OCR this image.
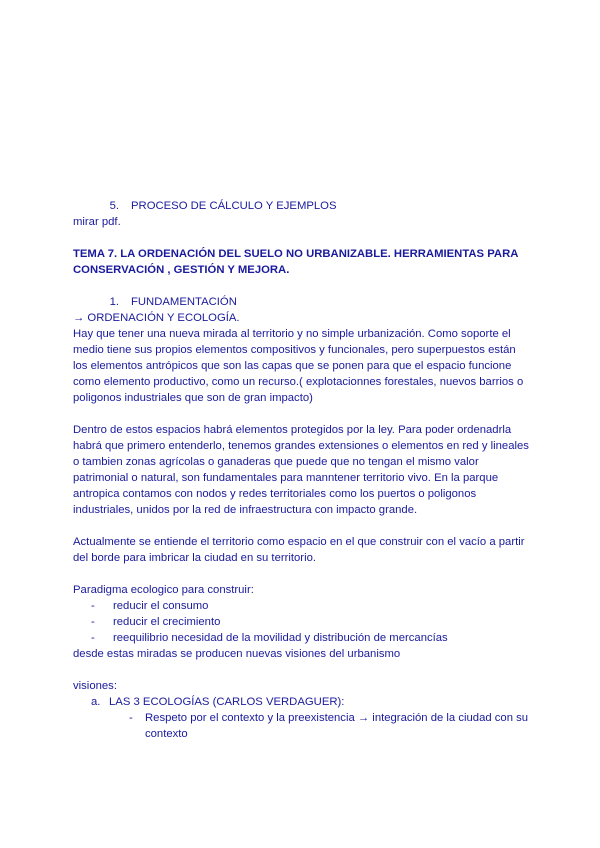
5. PROCESO DE CÁLCULO Y EJEMPLOS
mirar pdf.
TEMA 7. LA ORDENACIÓN DEL SUELO NO URBANIZABLE. HERRAMIENTAS PARA CONSERVACIÓN , GESTIÓN Y MEJORA.
1. FUNDAMENTACIÓN
→ ORDENACIÓN Y ECOLOGÍA.
Hay que tener una nueva mirada al territorio y no simple urbanización. Como soporte el medio tiene sus propios elementos compositivos y funcionales, pero superpuestos están los elementos antrópicos que son las capas que se ponen para que el espacio funcione como elemento productivo, como un recurso.( explotacionnes forestales, nuevos barrios o poligonos industriales que son de gran impacto)
Dentro de estos espacios habrá elementos protegidos por la ley. Para poder ordenadrla habrá que primero entenderlo, tenemos grandes extensiones o elementos en red y lineales o tambien zonas agrícolas o ganaderas que puede que no tengan el mismo valor patrimonial o natural, son fundamentales para manntener territorio vivo. En la parque antropica contamos con nodos y redes territoriales como los puertos o poligonos industriales, unidos por la red de infraestructura con impacto grande.
Actualmente se entiende el territorio como espacio en el que construir con el vacío a partir del borde para imbricar la ciudad en su territorio.
Paradigma ecologico para construir:
- reducir el consumo
- reducir el crecimiento
- reequilibrio necesidad de la movilidad y distribución de mercancías
desde estas miradas se producen nuevas visiones del urbanismo
visiones:
a. LAS 3 ECOLOGÍAS (CARLOS VERDAGUER):
- Respeto por el contexto y la preexistencia → integración de la ciudad con su contexto
